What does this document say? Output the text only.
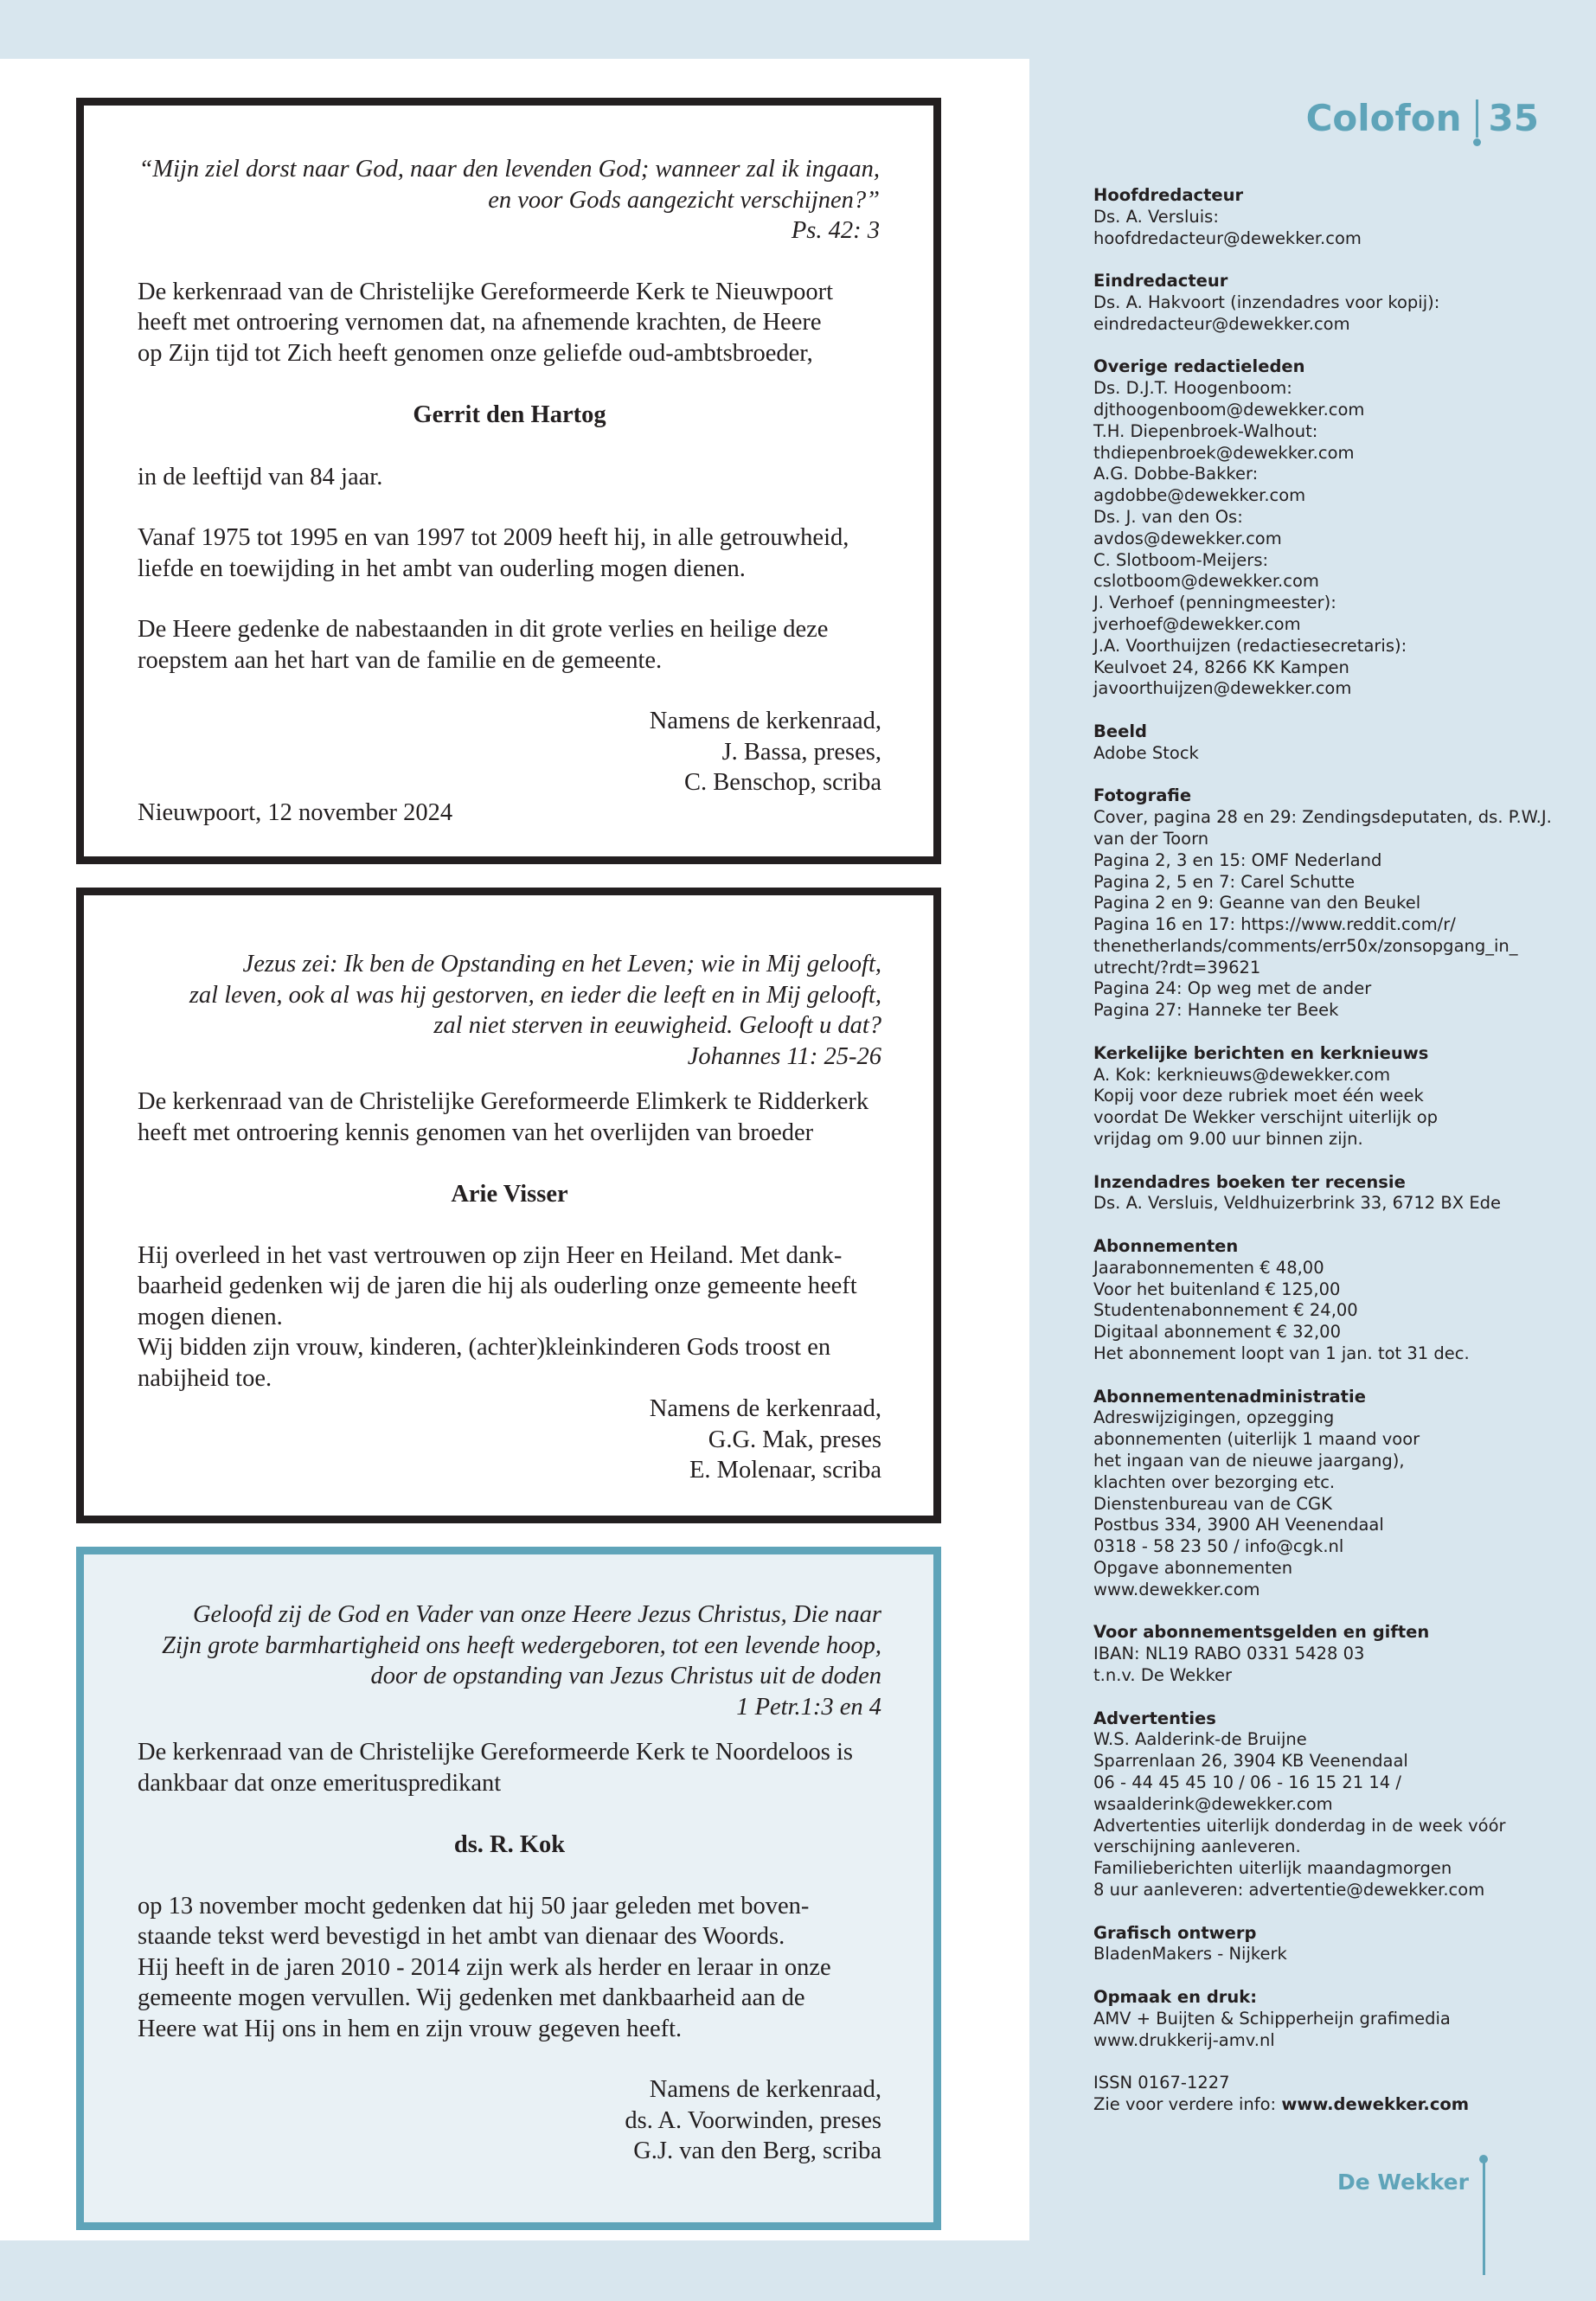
“Mijn ziel dorst naar God, naar den levenden God; wanneer zal ik ingaan,
en voor Gods aangezicht verschijnen?”
Ps. 42: 3

De kerkenraad van de Christelijke Gereformeerde Kerk te Nieuwpoort
heeft met ontroering vernomen dat, na afnemende krachten, de Heere
op Zijn tijd tot Zich heeft genomen onze geliefde oud-ambtsbroeder,

Gerrit den Hartog

in de leeftijd van 84 jaar.

Vanaf 1975 tot 1995 en van 1997 tot 2009 heeft hij, in alle getrouwheid,
liefde en toewijding in het ambt van ouderling mogen dienen.

De Heere gedenke de nabestaanden in dit grote verlies en heilige deze
roepstem aan het hart van de familie en de gemeente.

Namens de kerkenraad,
J. Bassa, preses,
C. Benschop, scriba

Nieuwpoort, 12 november 2024

Jezus zei: Ik ben de Opstanding en het Leven; wie in Mij gelooft,
zal leven, ook al was hij gestorven, en ieder die leeft en in Mij gelooft,
zal niet sterven in eeuwigheid. Gelooft u dat?
Johannes 11: 25-26

De kerkenraad van de Christelijke Gereformeerde Elimkerk te Ridderkerk
heeft met ontroering kennis genomen van het overlijden van broeder

Arie Visser

Hij overleed in het vast vertrouwen op zijn Heer en Heiland. Met dank-
baarheid gedenken wij de jaren die hij als ouderling onze gemeente heeft
mogen dienen.
Wij bidden zijn vrouw, kinderen, (achter)kleinkinderen Gods troost en
nabijheid toe.

Namens de kerkenraad,
G.G. Mak, preses
E. Molenaar, scriba
Geloofd zij de God en Vader van onze Heere Jezus Christus, Die naar
Zijn grote barmhartigheid ons heeft wedergeboren, tot een levende hoop,
door de opstanding van Jezus Christus uit de doden
1 Petr.1:3 en 4

De kerkenraad van de Christelijke Gereformeerde Kerk te Noordeloos is
dankbaar dat onze emerituspredikant

ds. R. Kok

op 13 november mocht gedenken dat hij 50 jaar geleden met boven-
staande tekst werd bevestigd in het ambt van dienaar des Woords.
Hij heeft in de jaren 2010 - 2014 zijn werk als herder en leraar in onze
gemeente mogen vervullen. Wij gedenken met dankbaarheid aan de
Heere wat Hij ons in hem en zijn vrouw gegeven heeft.

Namens de kerkenraad,
ds. A. Voorwinden, preses
G.J. van den Berg, scriba
Colofon 35
Hoofdredacteur
Ds. A. Versluis:
hoofdredacteur@dewekker.com
Eindredacteur
Ds. A. Hakvoort (inzendadres voor kopij):
eindredacteur@dewekker.com
Overige redactieleden
Ds. D.J.T. Hoogenboom:
djthoogenboom@dewekker.com
T.H. Diepenbroek-Walhout:
thdiepenbroek@dewekker.com
A.G. Dobbe-Bakker:
agdobbe@dewekker.com
Ds. J. van den Os:
avdos@dewekker.com
C. Slotboom-Meijers:
cslotboom@dewekker.com
J. Verhoef (penningmeester):
jverhoef@dewekker.com
J.A. Voorthuijzen (redactiesecretaris):
Keulvoet 24, 8266 KK Kampen
javoorthuijzen@dewekker.com
Beeld
Adobe Stock
Fotografie
Cover, pagina 28 en 29: Zendingsdeputaten, ds. P.W.J.
van der Toorn
Pagina 2, 3 en 15: OMF Nederland
Pagina 2, 5 en 7: Carel Schutte
Pagina 2 en 9: Geanne van den Beukel
Pagina 16 en 17: https://www.reddit.com/r/
thenetherlands/comments/err50x/zonsopgang_in_
utrecht/?rdt=39621
Pagina 24: Op weg met de ander
Pagina 27: Hanneke ter Beek
Kerkelijke berichten en kerknieuws
A. Kok: kerknieuws@dewekker.com
Kopij voor deze rubriek moet één week
voordat De Wekker verschijnt uiterlijk op
vrijdag om 9.00 uur binnen zijn.
Inzendadres boeken ter recensie
Ds. A. Versluis, Veldhuizerbrink 33, 6712 BX Ede
Abonnementen
Jaarabonnementen € 48,00
Voor het buitenland € 125,00
Studentenabonnement € 24,00
Digitaal abonnement € 32,00
Het abonnement loopt van 1 jan. tot 31 dec.
Abonnementenadministratie
Adreswijzigingen, opzegging
abonnementen (uiterlijk 1 maand voor
het ingaan van de nieuwe jaargang),
klachten over bezorging etc.
Dienstenbureau van de CGK
Postbus 334, 3900 AH Veenendaal
0318 - 58 23 50 / info@cgk.nl
Opgave abonnementen
www.dewekker.com
Voor abonnementsgelden en giften
IBAN: NL19 RABO 0331 5428 03
t.n.v. De Wekker
Advertenties
W.S. Aalderink-de Bruijne
Sparrenlaan 26, 3904 KB Veenendaal
06 - 44 45 45 10 / 06 - 16 15 21 14 /
wsaalderink@dewekker.com
Advertenties uiterlijk donderdag in de week vóór
verschijning aanleveren.
Familieberichten uiterlijk maandagmorgen
8 uur aanleveren: advertentie@dewekker.com
Grafisch ontwerp
BladenMakers - Nijkerk
Opmaak en druk:
AMV + Buijten & Schipperheijn grafimedia
www.drukkerij-amv.nl
ISSN 0167-1227
Zie voor verdere info: www.dewekker.com
De Wekker
